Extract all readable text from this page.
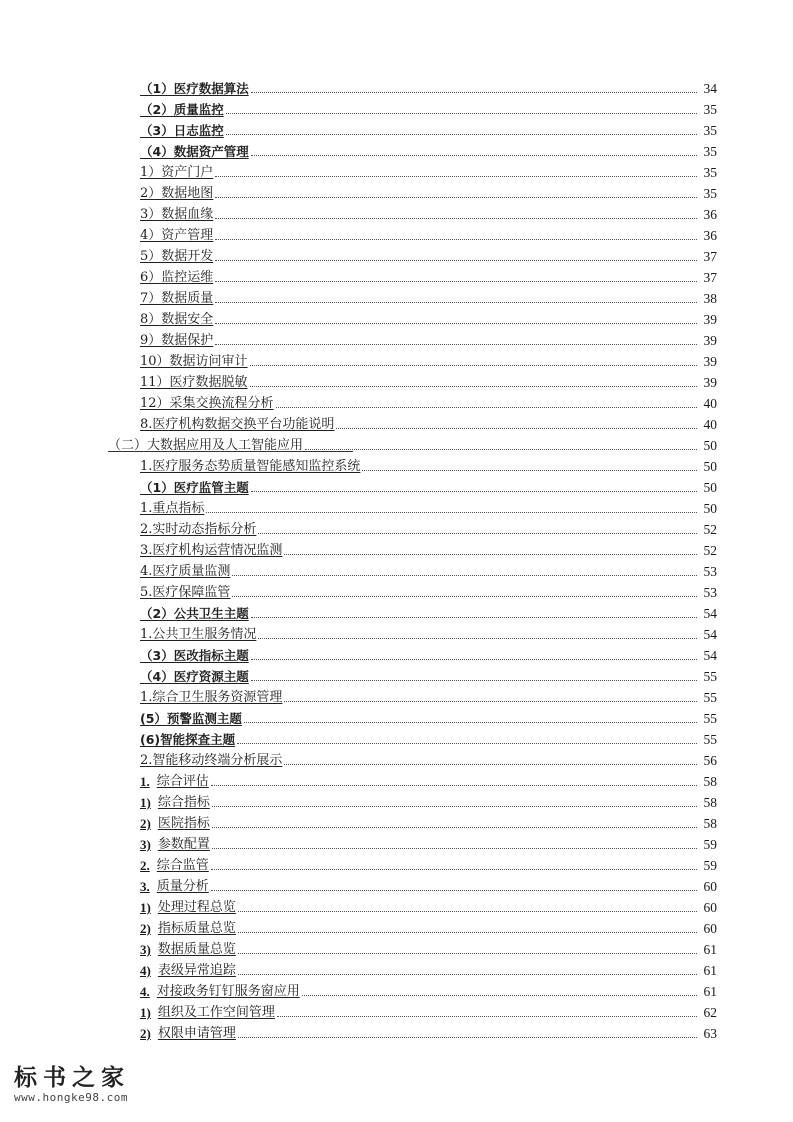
（1）医疗数据算法	34
（2）质量监控	35
（3）日志监控	35
（4）数据资产管理	35
1）资产门户	35
2）数据地图	35
3）数据血缘	36
4）资产管理	36
5）数据开发	37
6）监控运维	37
7）数据质量	38
8）数据安全	39
9）数据保护	39
10）数据访问审计	39
11）医疗数据脱敏	39
12）采集交换流程分析	40
8.医疗机构数据交换平台功能说明	40
（二）大数据应用及人工智能应用	50
1.医疗服务态势质量智能感知监控系统	50
（1）医疗监管主题	50
1.重点指标	50
2.实时动态指标分析	52
3.医疗机构运营情况监测	52
4.医疗质量监测	53
5.医疗保障监管	53
（2）公共卫生主题	54
1.公共卫生服务情况	54
（3）医改指标主题	54
（4）医疗资源主题	55
1.综合卫生服务资源管理	55
(5）预警监测主题	55
(6)智能探查主题	55
2.智能移动终端分析展示	56
1. 综合评估	58
1) 综合指标	58
2) 医院指标	58
3) 参数配置	59
2. 综合监管	59
3. 质量分析	60
1) 处理过程总览	60
2) 指标质量总览	60
3) 数据质量总览	61
4) 表级异常追踪	61
4. 对接政务钉钉服务窗应用	61
1) 组织及工作空间管理	62
2) 权限申请管理	63
标书之家
www.hongke98.com
